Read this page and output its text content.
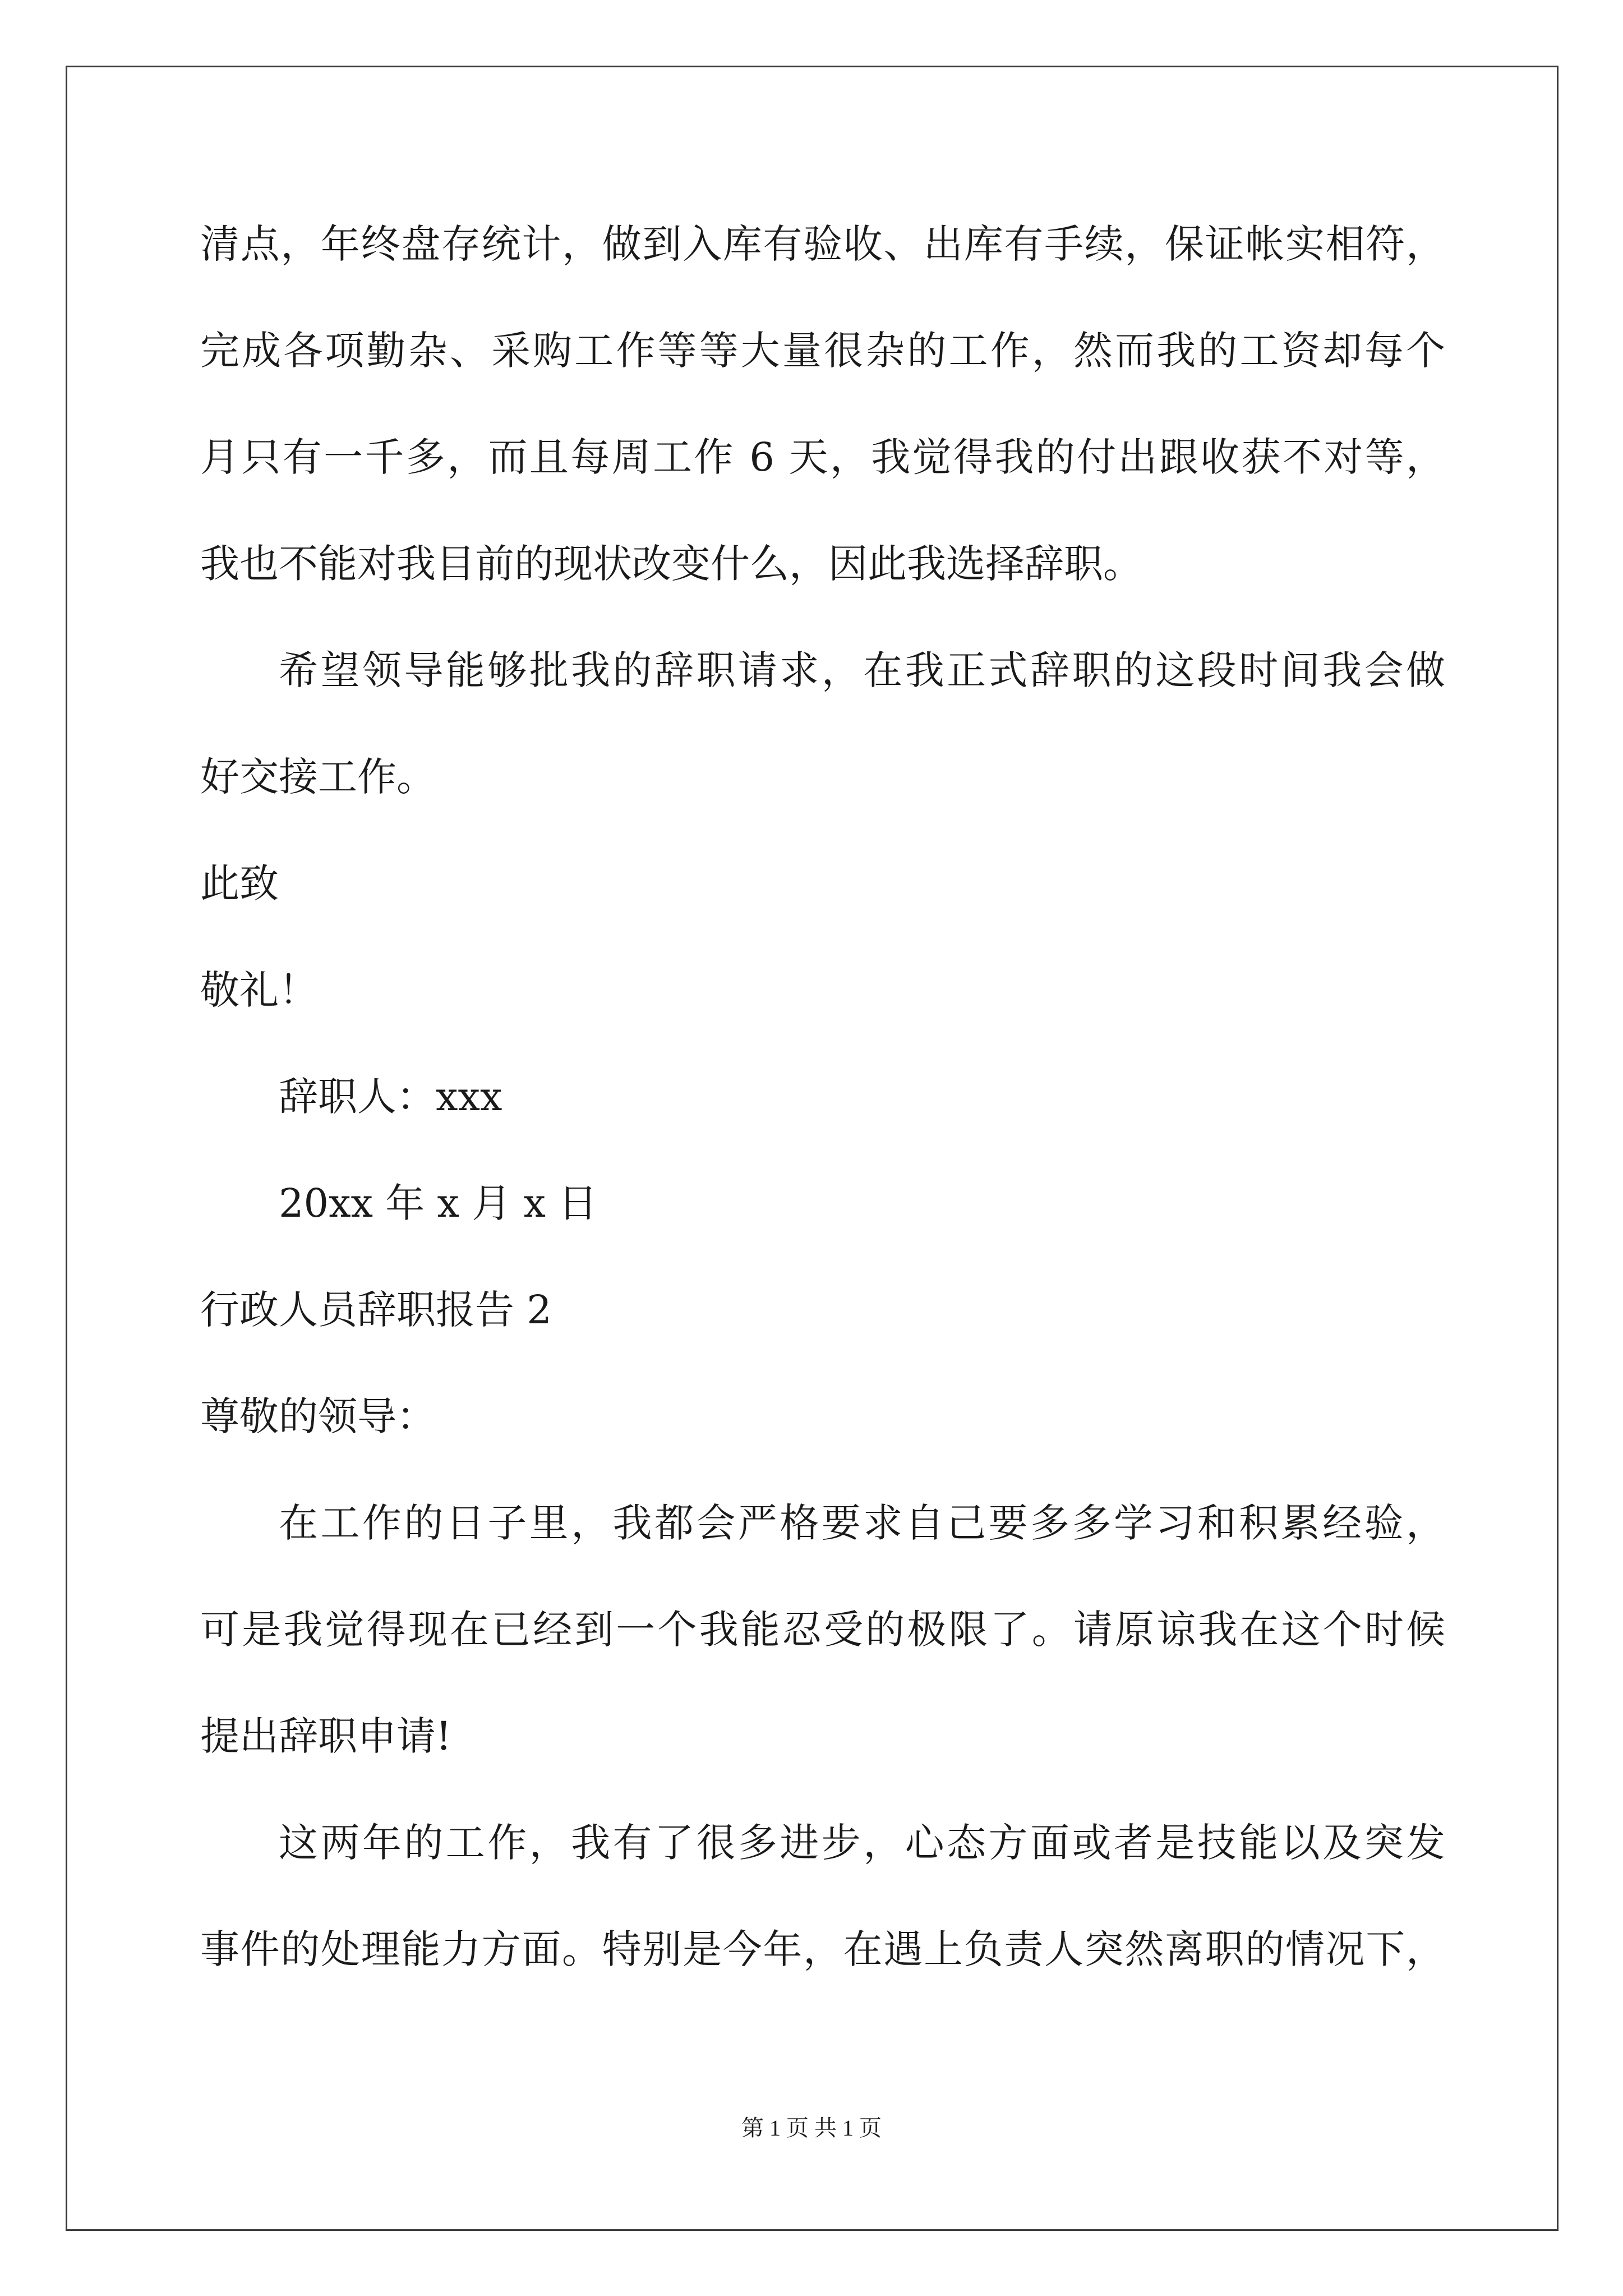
清点，年终盘存统计，做到入库有验收、出库有手续，保证帐实相符，
完成各项勤杂、采购工作等等大量很杂的工作，然而我的工资却每个
月只有一千多，而且每周工作 6 天，我觉得我的付出跟收获不对等，
我也不能对我目前的现状改变什么，因此我选择辞职。
希望领导能够批我的辞职请求，在我正式辞职的这段时间我会做
好交接工作。
此致
敬礼！
辞职人：xxx
20xx 年 x 月 x 日
行政人员辞职报告 2
尊敬的领导：
在工作的日子里，我都会严格要求自己要多多学习和积累经验，
可是我觉得现在已经到一个我能忍受的极限了。请原谅我在这个时候
提出辞职申请!
这两年的工作，我有了很多进步，心态方面或者是技能以及突发
事件的处理能力方面。特别是今年，在遇上负责人突然离职的情况下，
第 1 页 共 1 页
